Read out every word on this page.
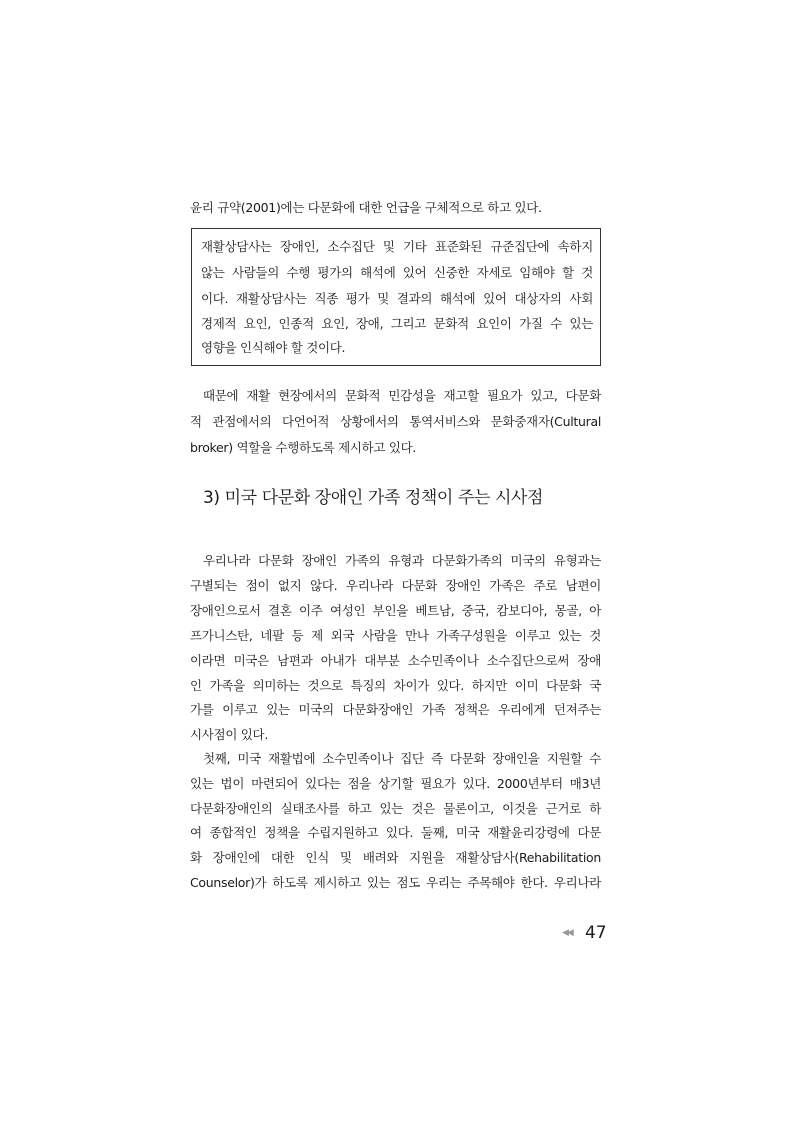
윤리 규약(2001)에는 다문화에 대한 언급을 구체적으로 하고 있다.
재활상담사는 장애인, 소수집단 및 기타 표준화된 규준집단에 속하지
않는 사람들의 수행 평가의 해석에 있어 신중한 자세로 임해야 할 것
이다. 재활상담사는 직종 평가 및 결과의 해석에 있어 대상자의 사회
경제적 요인, 인종적 요인, 장애, 그리고 문화적 요인이 가질 수 있는
영향을 인식해야 할 것이다.
때문에 재활 현장에서의 문화적 민감성을 재고할 필요가 있고, 다문화
적 관점에서의 다언어적 상황에서의 통역서비스와 문화중재자(Cultural
broker) 역할을 수행하도록 제시하고 있다.
3) 미국 다문화 장애인 가족 정책이 주는 시사점
우리나라 다문화 장애인 가족의 유형과 다문화가족의 미국의 유형과는
구별되는 점이 없지 않다. 우리나라 다문화 장애인 가족은 주로 남편이
장애인으로서 결혼 이주 여성인 부인을 베트남, 중국, 캄보디아, 몽골, 아
프가니스탄, 네팔 등 제 외국 사람을 만나 가족구성원을 이루고 있는 것
이라면 미국은 남편과 아내가 대부분 소수민족이나 소수집단으로써 장애
인 가족을 의미하는 것으로 특징의 차이가 있다. 하지만 이미 다문화 국
가를 이루고 있는 미국의 다문화장애인 가족 정책은 우리에게 던져주는
시사점이 있다.
첫째, 미국 재활법에 소수민족이나 집단 즉 다문화 장애인을 지원할 수
있는 법이 마련되어 있다는 점을 상기할 필요가 있다. 2000년부터 매3년
다문화장애인의 실태조사를 하고 있는 것은 물론이고, 이것을 근거로 하
여 종합적인 정책을 수립지원하고 있다. 둘째, 미국 재활윤리강령에 다문
화 장애인에 대한 인식 및 배려와 지원을 재활상담사(Rehabilitation
Counselor)가 하도록 제시하고 있는 점도 우리는 주목해야 한다. 우리나라
◀◀ 47
